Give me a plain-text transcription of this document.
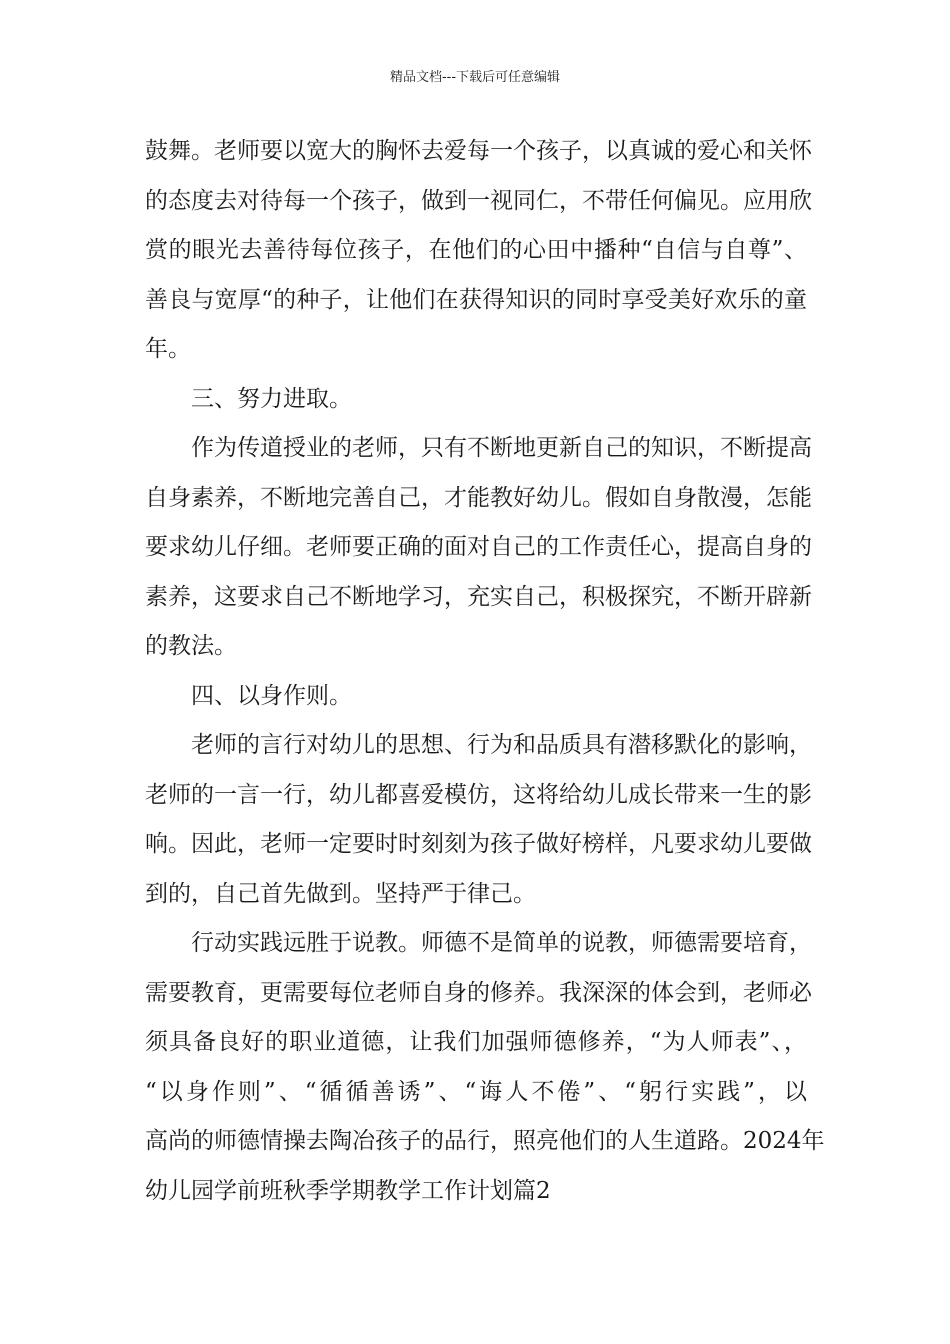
精品文档---下载后可任意编辑
鼓舞。老师要以宽大的胸怀去爱每一个孩子，以真诚的爱心和关怀
的态度去对待每一个孩子，做到一视同仁，不带任何偏见。应用欣
赏的眼光去善待每位孩子，在他们的心田中播种“自信与自尊”、
善良与宽厚“的种子，让他们在获得知识的同时享受美好欢乐的童
年。
三、努力进取。
作为传道授业的老师，只有不断地更新自己的知识，不断提高
自身素养，不断地完善自己，才能教好幼儿。假如自身散漫，怎能
要求幼儿仔细。老师要正确的面对自己的工作责任心，提高自身的
素养，这要求自己不断地学习，充实自己，积极探究，不断开辟新
的教法。
四、以身作则。
老师的言行对幼儿的思想、行为和品质具有潜移默化的影响，
老师的一言一行，幼儿都喜爱模仿，这将给幼儿成长带来一生的影
响。因此，老师一定要时时刻刻为孩子做好榜样，凡要求幼儿要做
到的，自己首先做到。坚持严于律己。
行动实践远胜于说教。师德不是简单的说教，师德需要培育，
需要教育，更需要每位老师自身的修养。我深深的体会到，老师必
须具备良好的职业道德，让我们加强师德修养，“为人师表”、，
“以身作则”、“循循善诱”、“诲人不倦”、“躬行实践”，以
高尚的师德情操去陶冶孩子的品行，照亮他们的人生道路。2024年
幼儿园学前班秋季学期教学工作计划篇2
